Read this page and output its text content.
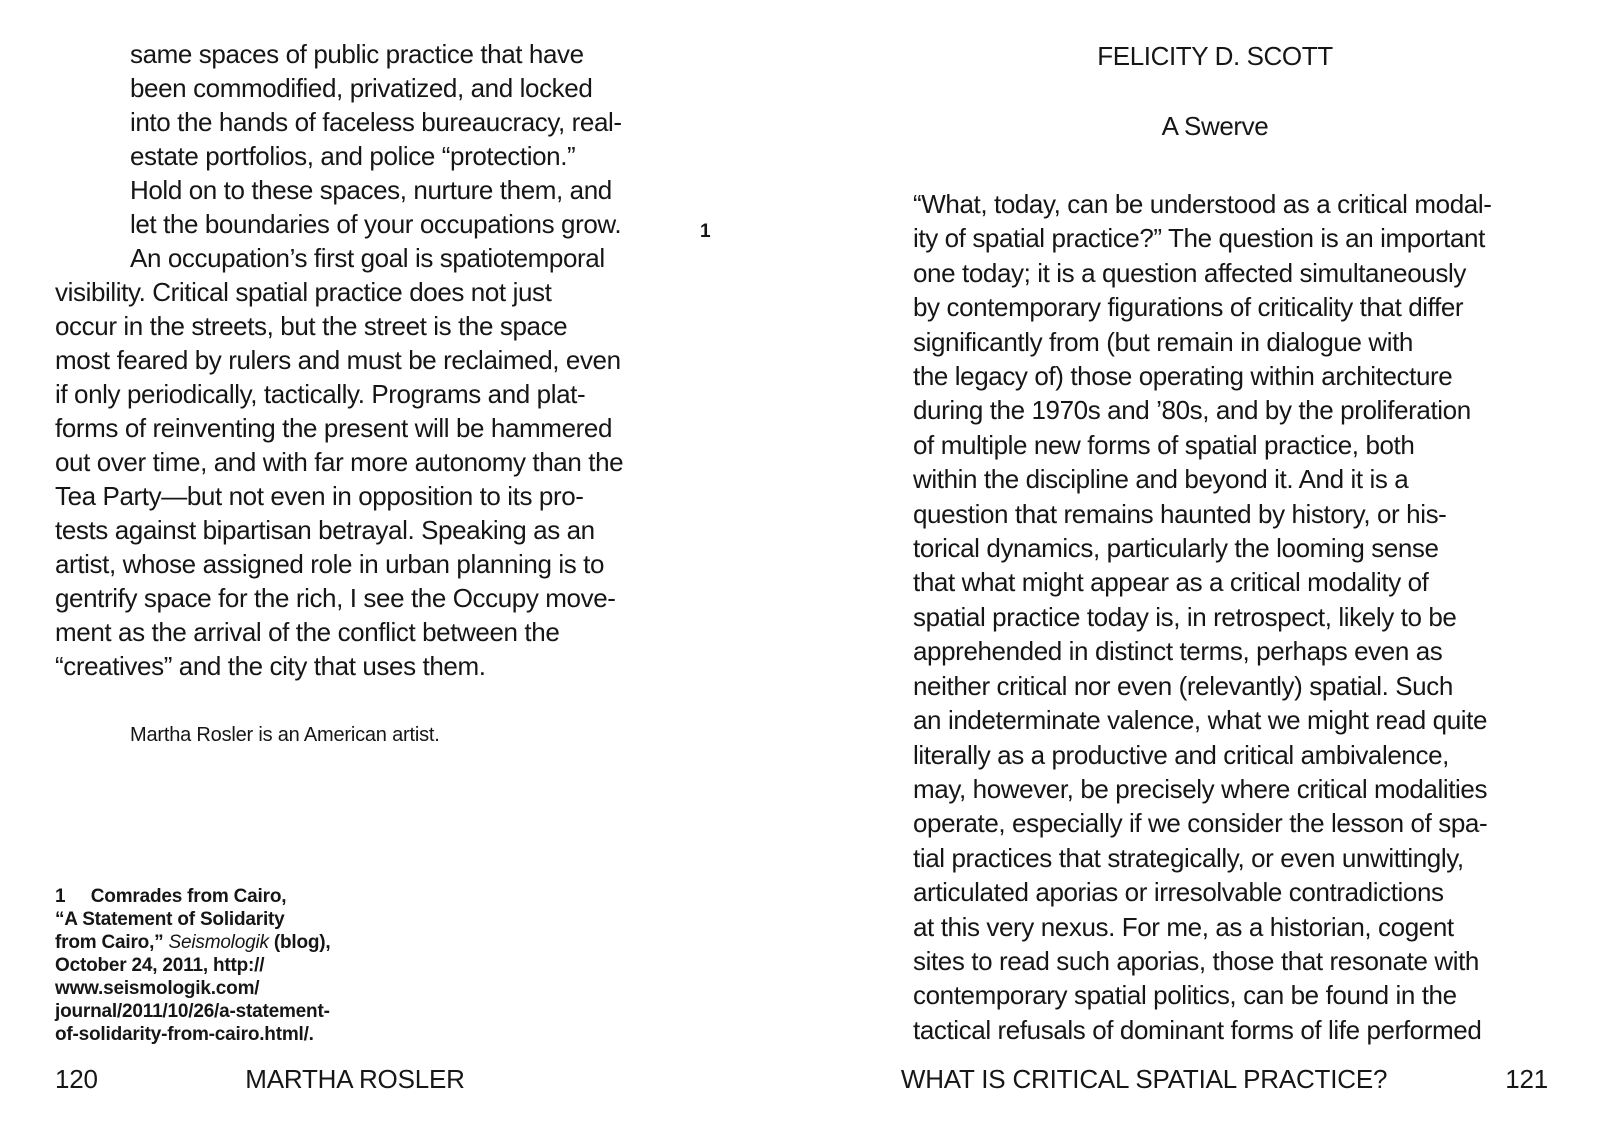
same spaces of public practice that have
been commodified, privatized, and locked
into the hands of faceless bureaucracy, real-
estate portfolios, and police “protection.”
Hold on to these spaces, nurture them, and
let the boundaries of your occupations grow.	1
An occupation’s first goal is spatiotemporal
visibility. Critical spatial practice does not just
occur in the streets, but the street is the space
most feared by rulers and must be reclaimed, even
if only periodically, tactically. Programs and plat-
forms of reinventing the present will be hammered
out over time, and with far more autonomy than the
Tea Party—but not even in opposition to its pro-
tests against bipartisan betrayal. Speaking as an
artist, whose assigned role in urban planning is to
gentrify space for the rich, I see the Occupy move-
ment as the arrival of the conflict between the
“creatives” and the city that uses them.
Martha Rosler is an American artist.
1     Comrades from Cairo,
“A Statement of Solidarity
from Cairo,” Seismologik (blog),
October 24, 2011, http://
www.seismologik.com/
journal/2011/10/26/a-statement-
of-solidarity-from-cairo.html/.
120	MARTHA ROSLER
FELICITY D. SCOTT
A Swerve
“What, today, can be understood as a critical modal-
ity of spatial practice?” The question is an important
one today; it is a question affected simultaneously
by contemporary figurations of criticality that differ
significantly from (but remain in dialogue with
the legacy of) those operating within architecture
during the 1970s and ’80s, and by the proliferation
of multiple new forms of spatial practice, both
within the discipline and beyond it. And it is a
question that remains haunted by history, or his-
torical dynamics, particularly the looming sense
that what might appear as a critical modality of
spatial practice today is, in retrospect, likely to be
apprehended in distinct terms, perhaps even as
neither critical nor even (relevantly) spatial. Such
an indeterminate valence, what we might read quite
literally as a productive and critical ambivalence,
may, however, be precisely where critical modalities
operate, especially if we consider the lesson of spa-
tial practices that strategically, or even unwittingly,
articulated aporias or irresolvable contradictions
at this very nexus. For me, as a historian, cogent
sites to read such aporias, those that resonate with
contemporary spatial politics, can be found in the
tactical refusals of dominant forms of life performed
WHAT IS CRITICAL SPATIAL PRACTICE?	121
